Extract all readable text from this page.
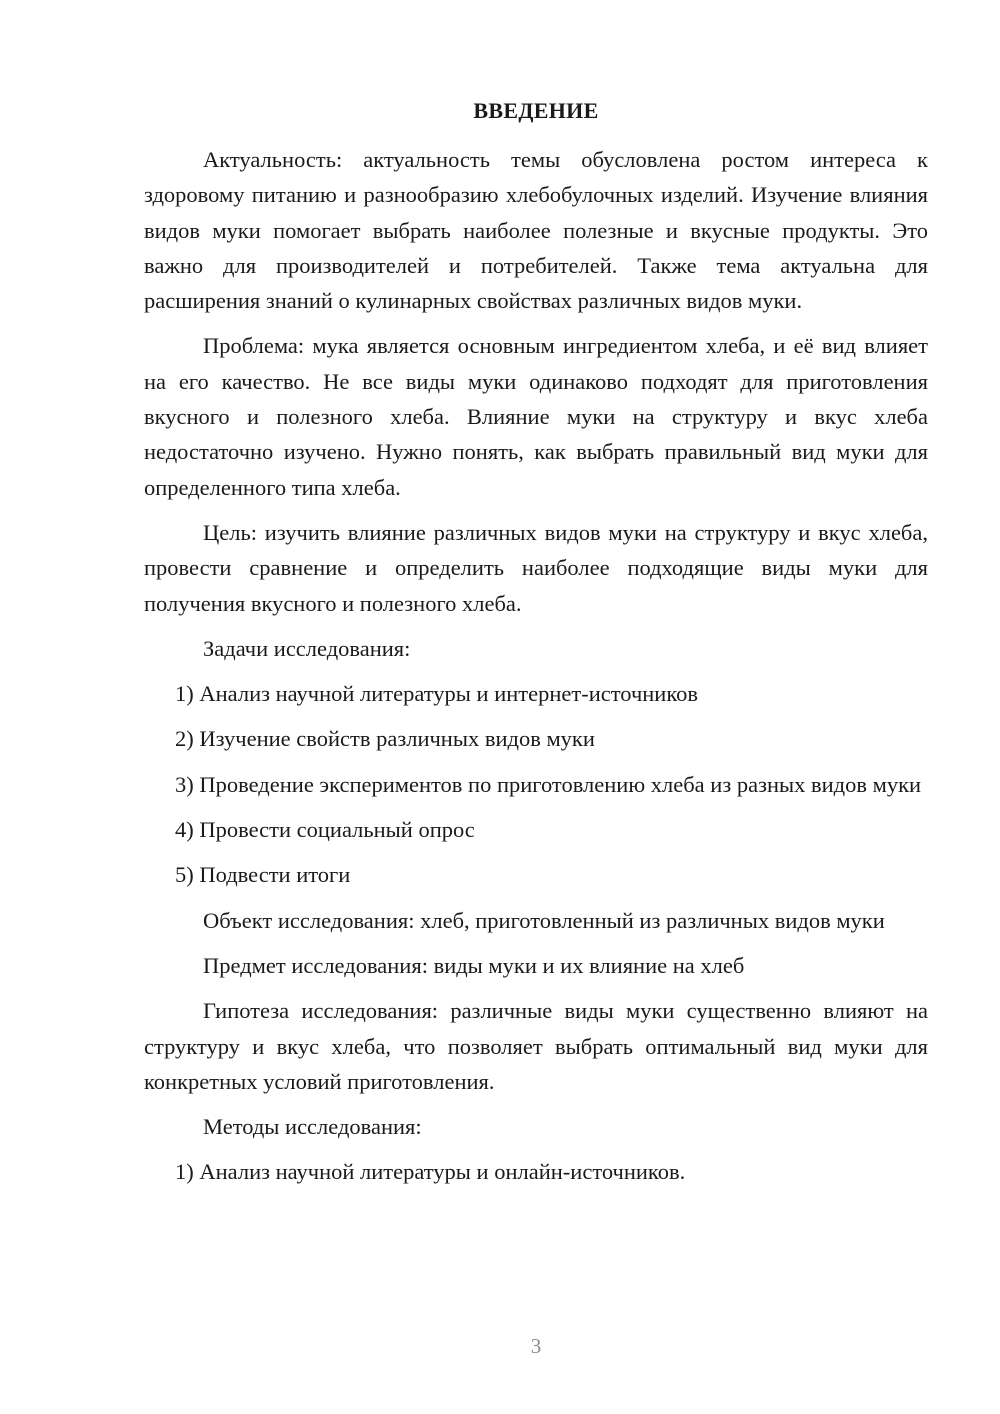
ВВЕДЕНИЕ

Актуальность: актуальность темы обусловлена ростом интереса к здоровому питанию и разнообразию хлебобулочных изделий. Изучение влияния видов муки помогает выбрать наиболее полезные и вкусные продукты. Это важно для производителей и потребителей. Также тема актуальна для расширения знаний о кулинарных свойствах различных видов муки.

Проблема: мука является основным ингредиентом хлеба, и её вид влияет на его качество. Не все виды муки одинаково подходят для приготовления вкусного и полезного хлеба. Влияние муки на структуру и вкус хлеба недостаточно изучено. Нужно понять, как выбрать правильный вид муки для определенного типа хлеба.

Цель: изучить влияние различных видов муки на структуру и вкус хлеба, провести сравнение и определить наиболее подходящие виды муки для получения вкусного и полезного хлеба.

Задачи исследования:

1) Анализ научной литературы и интернет-источников

2) Изучение свойств различных видов муки

3) Проведение экспериментов по приготовлению хлеба из разных видов муки

4) Провести социальный опрос

5) Подвести итоги

Объект исследования: хлеб, приготовленный из различных видов муки

Предмет исследования: виды муки и их влияние на хлеб

Гипотеза исследования: различные виды муки существенно влияют на структуру и вкус хлеба, что позволяет выбрать оптимальный вид муки для конкретных условий приготовления.

Методы исследования:

1) Анализ научной литературы и онлайн-источников.

3
